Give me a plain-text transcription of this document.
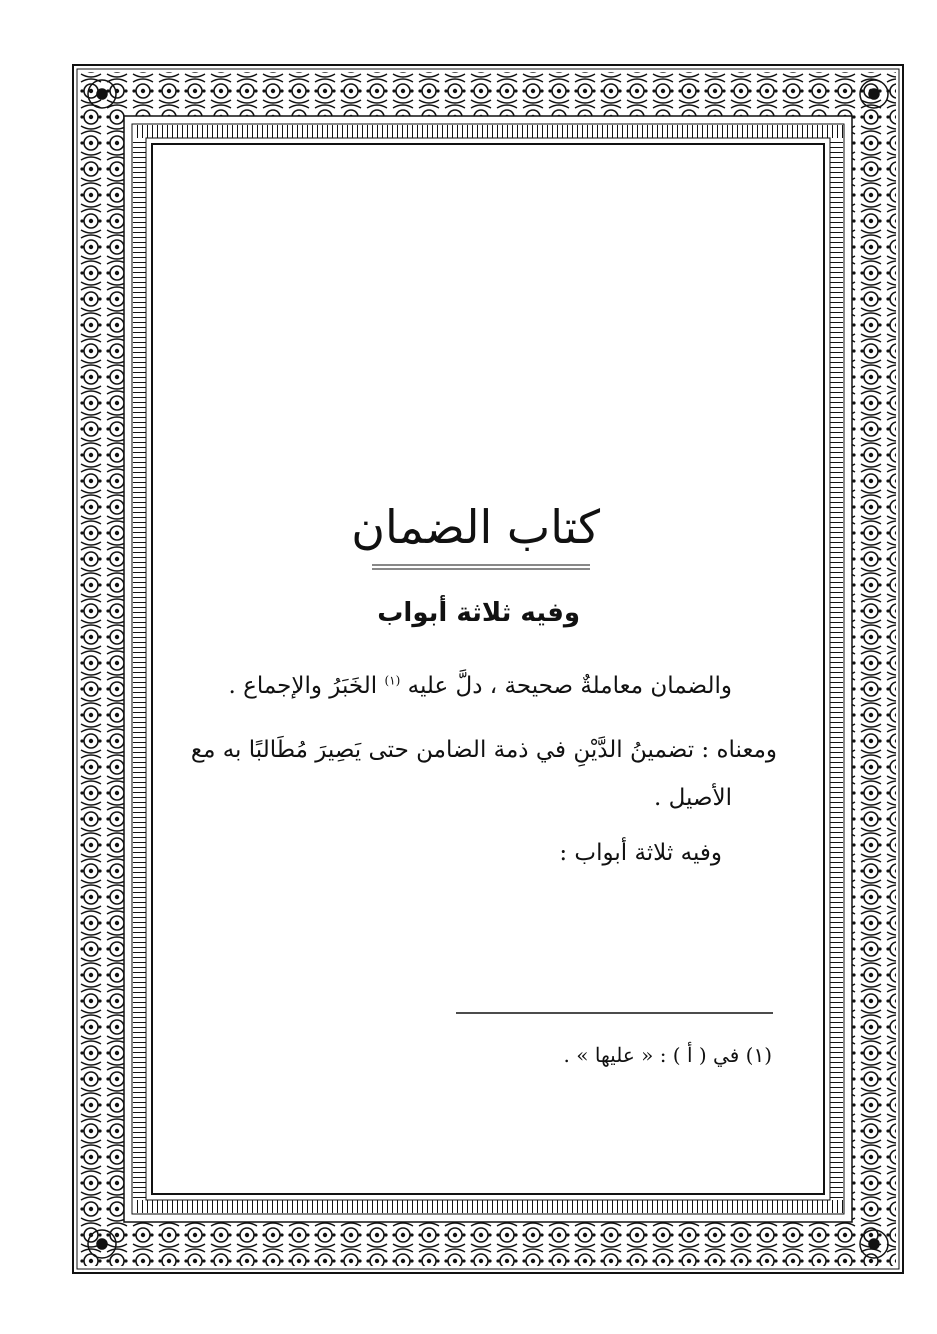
كتاب الضمان
وفيه ثلاثة أبواب
والضمان معاملةٌ صحيحة ، دلَّ عليه $^{(١)}$ الخَبَرُ والإجماع .
ومعناه : تضمينُ الدَّيْنِ في ذمة الضامن حتى يَصِيرَ مُطَالبًا به مع
الأصيل .
وفيه ثلاثة أبواب :
(١) في ( أ ) : « عليها » .
